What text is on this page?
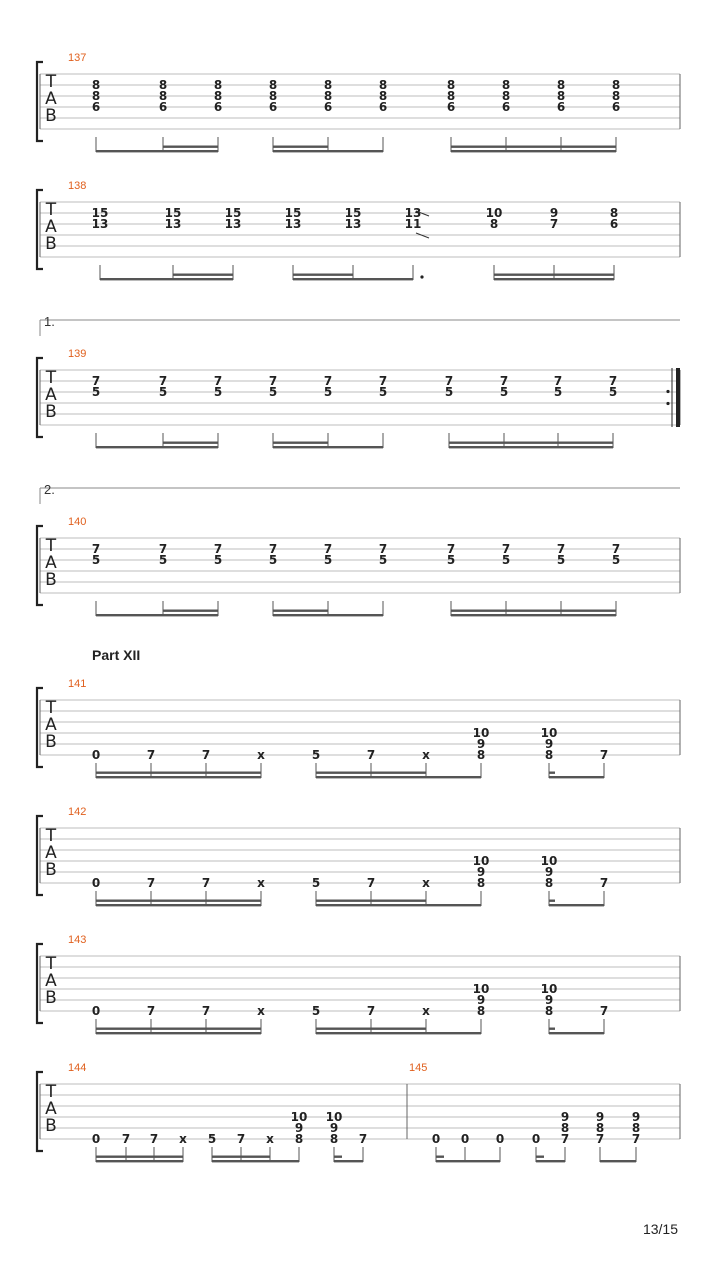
Part XII
13/15
T
A
B
137
8
8
6
8
8
6
8
8
6
8
8
6
8
8
6
8
8
6
8
8
6
8
8
6
8
8
6
8
8
6
T
A
B
138
15
13
15
13
15
13
15
13
15
13
13
11
10
8
9
7
8
6
T
A
B
139
1.
7
5
7
5
7
5
7
5
7
5
7
5
7
5
7
5
7
5
7
5
T
A
B
140
2.
7
5
7
5
7
5
7
5
7
5
7
5
7
5
7
5
7
5
7
5
T
A
B
141
0	7	7	x	5	7	x
10
9
8
10
9
8	7
T
A
B
142
0	7	7	x	5	7	x
10
9
8
10
9
8	7
T
A
B
143
0	7	7	x	5	7	x
10
9
8
10
9
8	7
T
A
B
144	145
0 7 7 x 5 7 x
10
9
8
10
9
8 7	0 0 0 0
9
8
7
9
8
7
9
8
7
